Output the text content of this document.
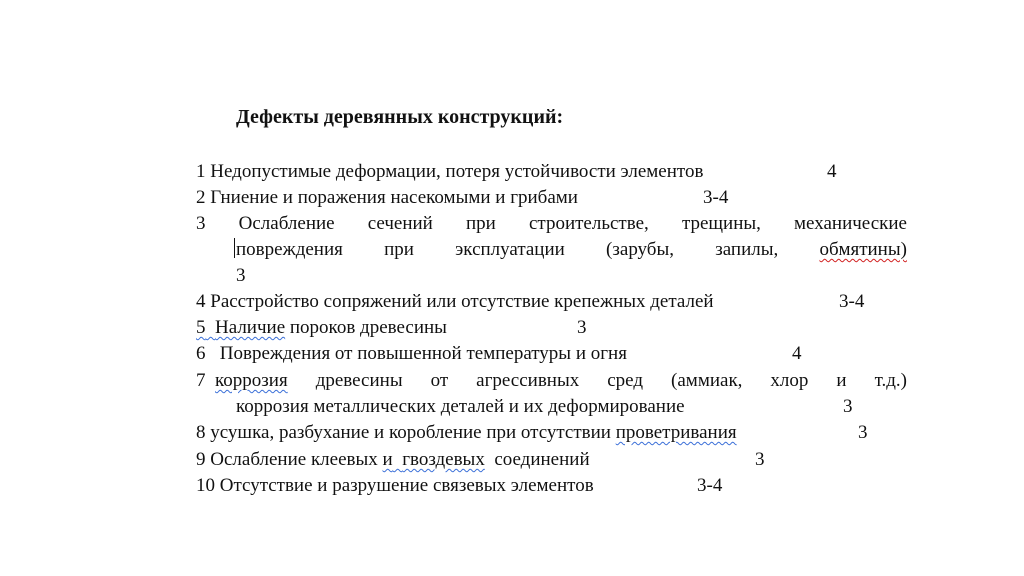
Дефекты деревянных конструкций:
1 Недопустимые деформации, потеря устойчивости элементов	4
2 Гниение и поражения насекомыми и грибами	3-4
3 Ослабление сечений при строительстве, трещины, механические
повреждения при эксплуатации (зарубы, запилы, обмятины)
3
4 Расстройство сопряжений или отсутствие крепежных деталей	3-4
5 Наличие пороков древесины	3
6 Повреждения от повышенной температуры и огня	4
7 коррозия древесины от агрессивных сред (аммиак, хлор и т.д.)
коррозия металлических деталей и их деформирование	3
8 усушка, разбухание и коробление при отсутствии проветривания	3
9 Ослабление клеевых и гвоздевых соединений	3
10 Отсутствие и разрушение связевых элементов	3-4
